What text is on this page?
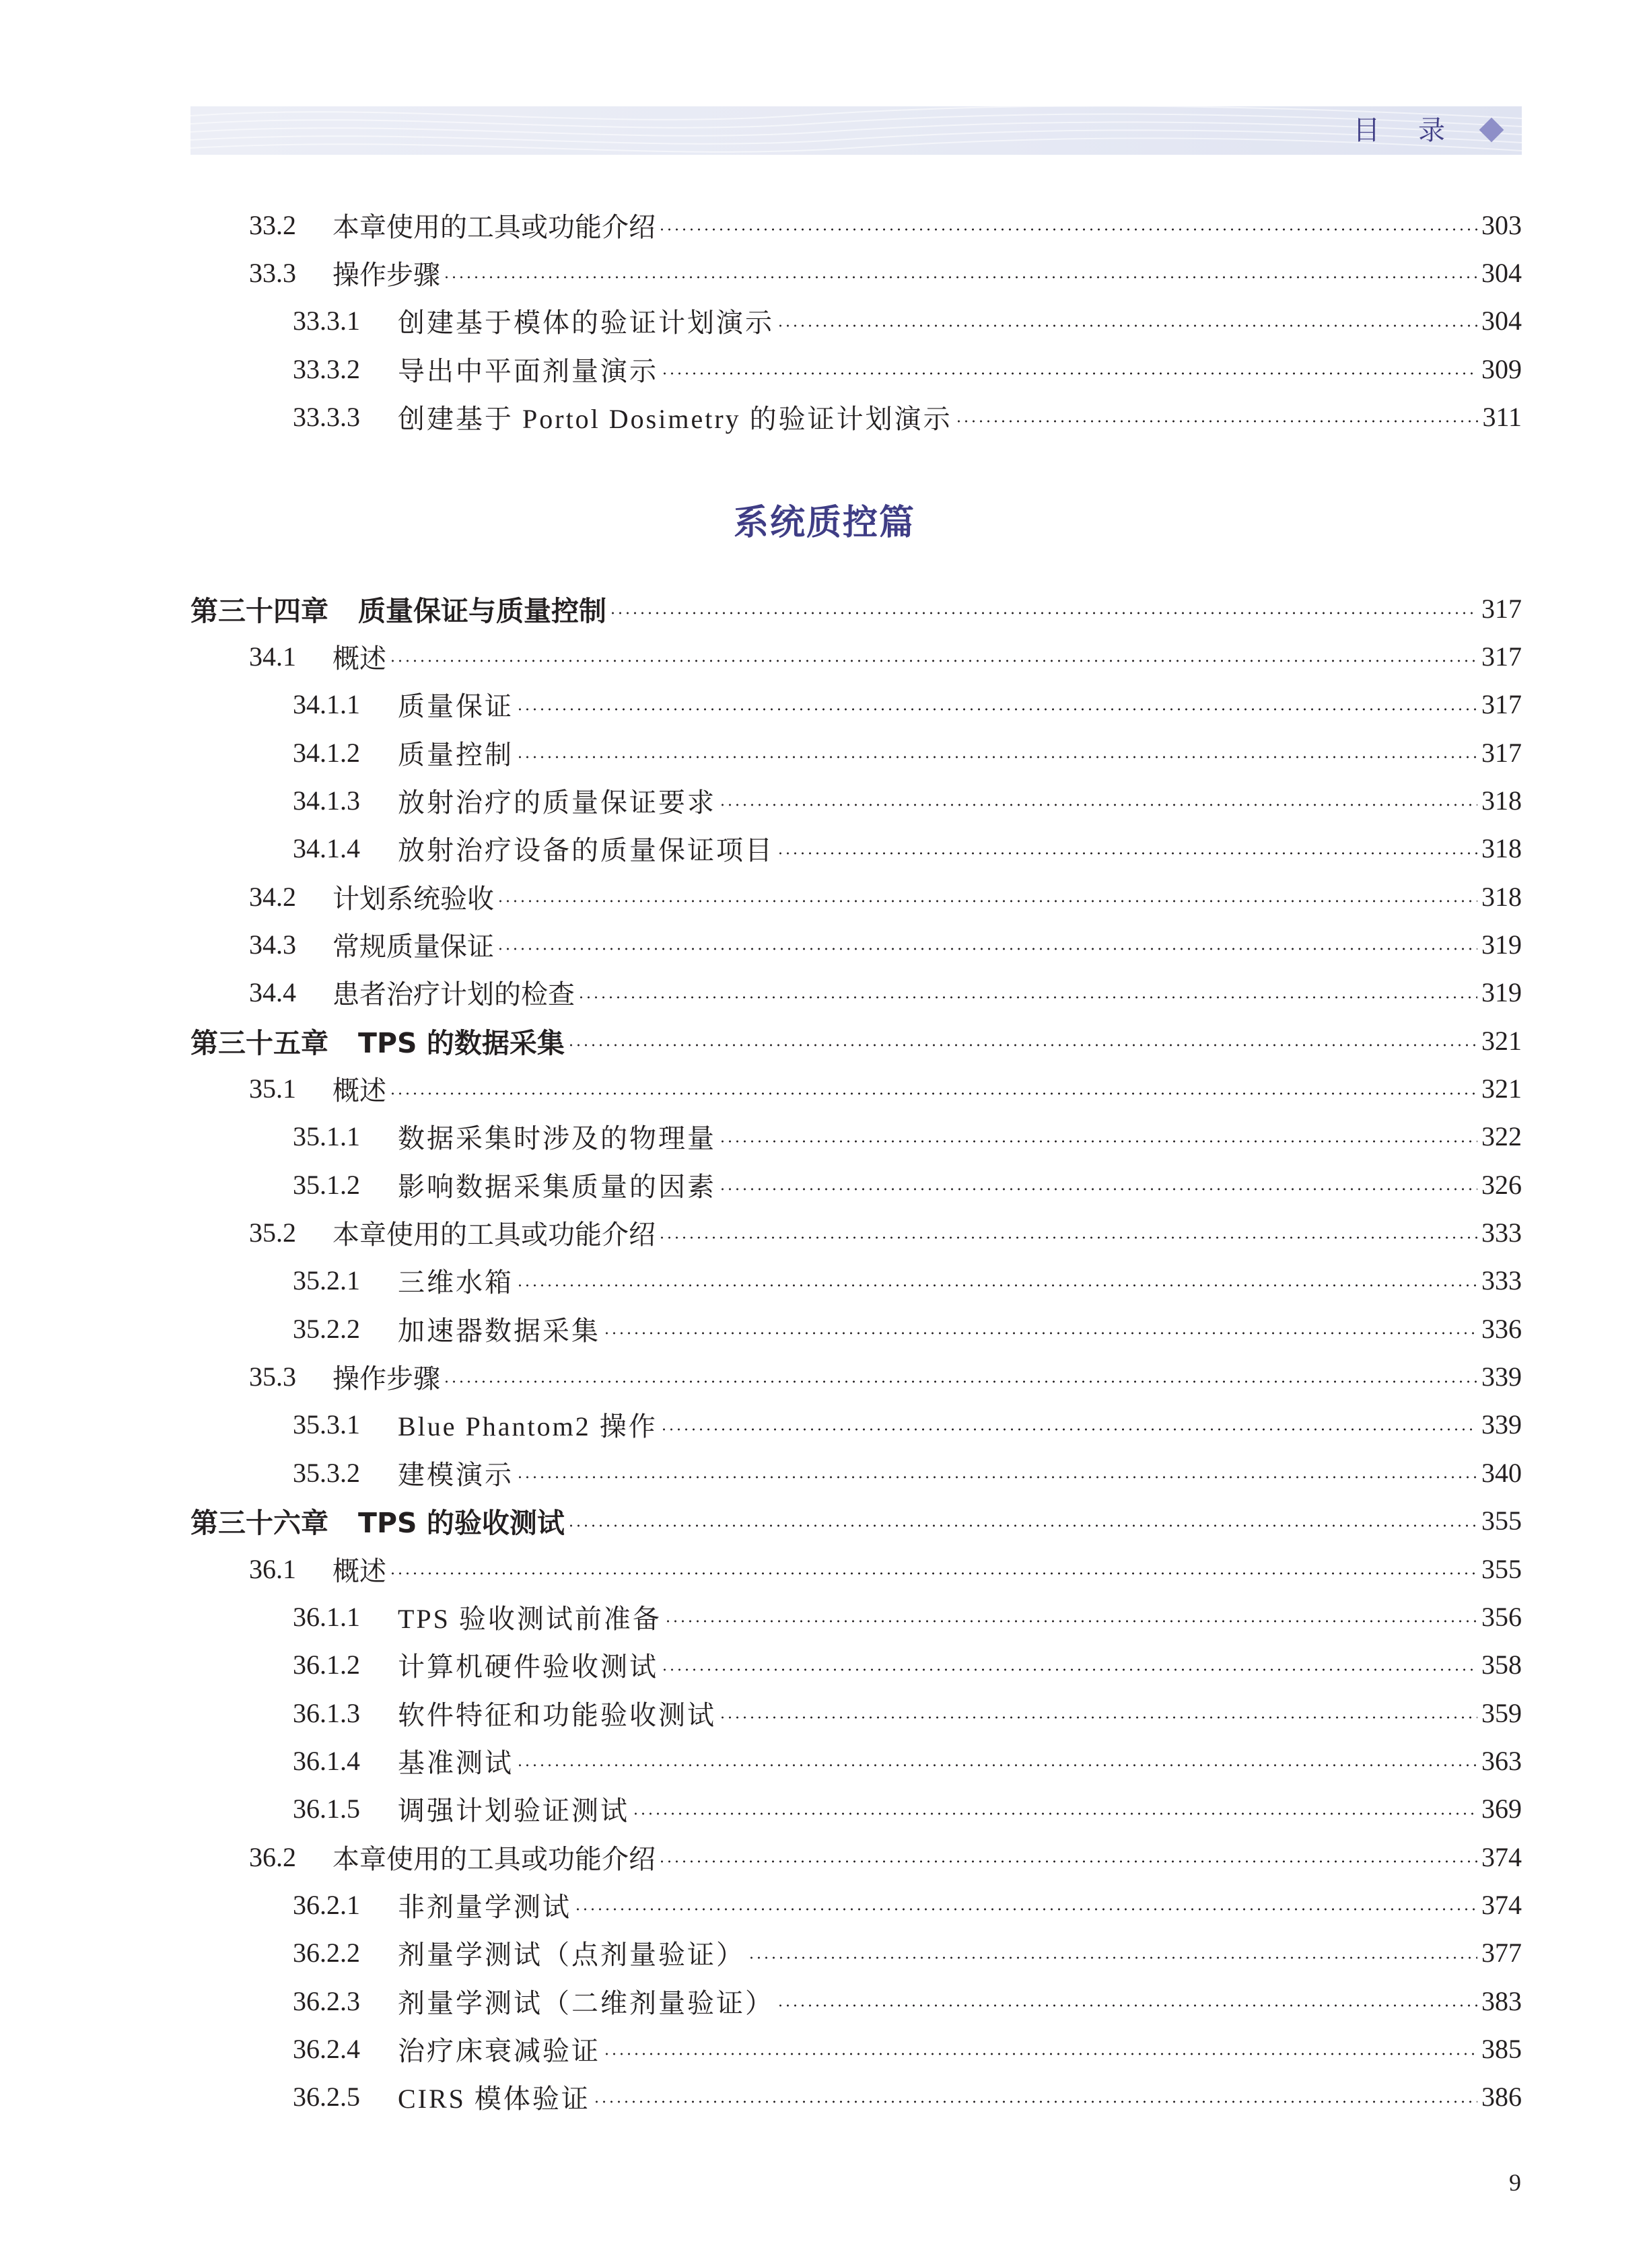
目 录
33.2	本章使用的工具或功能介绍	303
33.3	操作步骤	304
33.3.1	创建基于模体的验证计划演示	304
33.3.2	导出中平面剂量演示	309
33.3.3	创建基于 Portol Dosimetry 的验证计划演示	311
系统质控篇
第三十四章 质量保证与质量控制	317
34.1	概述	317
34.1.1	质量保证	317
34.1.2	质量控制	317
34.1.3	放射治疗的质量保证要求	318
34.1.4	放射治疗设备的质量保证项目	318
34.2	计划系统验收	318
34.3	常规质量保证	319
34.4	患者治疗计划的检查	319
第三十五章 TPS 的数据采集	321
35.1	概述	321
35.1.1	数据采集时涉及的物理量	322
35.1.2	影响数据采集质量的因素	326
35.2	本章使用的工具或功能介绍	333
35.2.1	三维水箱	333
35.2.2	加速器数据采集	336
35.3	操作步骤	339
35.3.1	Blue Phantom2 操作	339
35.3.2	建模演示	340
第三十六章 TPS 的验收测试	355
36.1	概述	355
36.1.1	TPS 验收测试前准备	356
36.1.2	计算机硬件验收测试	358
36.1.3	软件特征和功能验收测试	359
36.1.4	基准测试	363
36.1.5	调强计划验证测试	369
36.2	本章使用的工具或功能介绍	374
36.2.1	非剂量学测试	374
36.2.2	剂量学测试（点剂量验证）	377
36.2.3	剂量学测试（二维剂量验证）	383
36.2.4	治疗床衰减验证	385
36.2.5	CIRS 模体验证	386
9
